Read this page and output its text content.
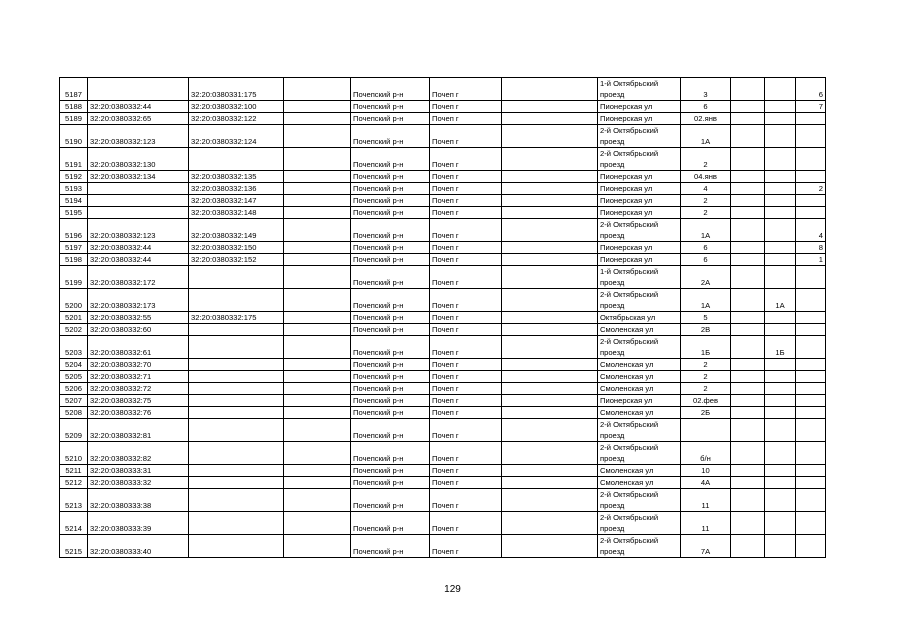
5187		32:20:0380331:175		Почепский р-н	Почеп г		1-й Октябрьский проезд	3			6
5188	32:20:0380332:44	32:20:0380332:100		Почепский р-н	Почеп г		Пионерская ул	6			7
5189	32:20:0380332:65	32:20:0380332:122		Почепский р-н	Почеп г		Пионерская ул	02.янв			
5190	32:20:0380332:123	32:20:0380332:124		Почепский р-н	Почеп г		2-й Октябрьский проезд	1А			
5191	32:20:0380332:130			Почепский р-н	Почеп г		2-й Октябрьский проезд	2			
5192	32:20:0380332:134	32:20:0380332:135		Почепский р-н	Почеп г		Пионерская ул	04.янв			
5193		32:20:0380332:136		Почепский р-н	Почеп г		Пионерская ул	4			2
5194		32:20:0380332:147		Почепский р-н	Почеп г		Пионерская ул	2			
5195		32:20:0380332:148		Почепский р-н	Почеп г		Пионерская ул	2			
5196	32:20:0380332:123	32:20:0380332:149		Почепский р-н	Почеп г		2-й Октябрьский проезд	1А			4
5197	32:20:0380332:44	32:20:0380332:150		Почепский р-н	Почеп г		Пионерская ул	6			8
5198	32:20:0380332:44	32:20:0380332:152		Почепский р-н	Почеп г		Пионерская ул	6			1
5199	32:20:0380332:172			Почепский р-н	Почеп г		1-й Октябрьский проезд	2А			
5200	32:20:0380332:173			Почепский р-н	Почеп г		2-й Октябрьский проезд	1А		1А	
5201	32:20:0380332:55	32:20:0380332:175		Почепский р-н	Почеп г		Октябрьская ул	5			
5202	32:20:0380332:60			Почепский р-н	Почеп г		Смоленская ул	2В			
5203	32:20:0380332:61			Почепский р-н	Почеп г		2-й Октябрьский проезд	1Б		1Б	
5204	32:20:0380332:70			Почепский р-н	Почеп г		Смоленская ул	2			
5205	32:20:0380332:71			Почепский р-н	Почеп г		Смоленская ул	2			
5206	32:20:0380332:72			Почепский р-н	Почеп г		Смоленская ул	2			
5207	32:20:0380332:75			Почепский р-н	Почеп г		Пионерская ул	02.фев			
5208	32:20:0380332:76			Почепский р-н	Почеп г		Смоленская ул	2Б			
5209	32:20:0380332:81			Почепский р-н	Почеп г		2-й Октябрьский проезд				
5210	32:20:0380332:82			Почепский р-н	Почеп г		2-й Октябрьский проезд	б/н			
5211	32:20:0380333:31			Почепский р-н	Почеп г		Смоленская ул	10			
5212	32:20:0380333:32			Почепский р-н	Почеп г		Смоленская ул	4А			
5213	32:20:0380333:38			Почепский р-н	Почеп г		2-й Октябрьский проезд	11			
5214	32:20:0380333:39			Почепский р-н	Почеп г		2-й Октябрьский проезд	11			
5215	32:20:0380333:40			Почепский р-н	Почеп г		2-й Октябрьский проезд	7А			
129
